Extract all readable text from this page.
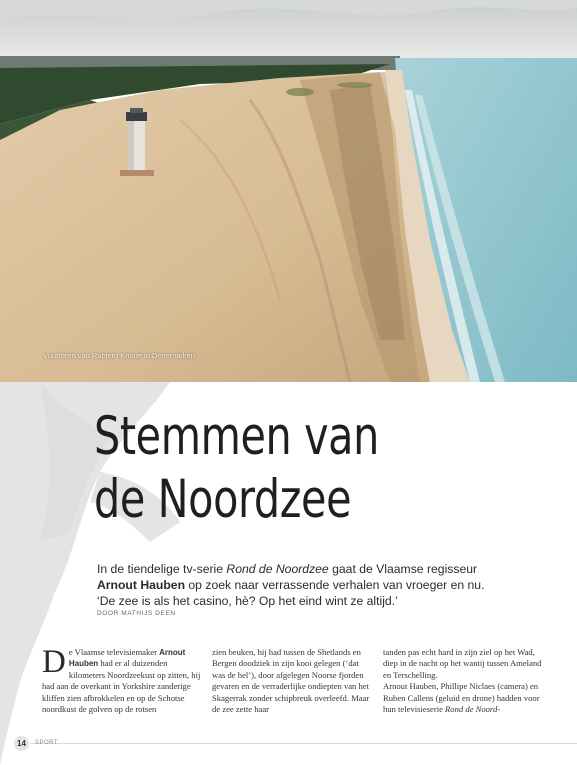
Vuurtoren van Rubjerg Knude in Denemarken
Stemmen van
de Noordzee

In de tiendelige tv-serie Rond de Noordzee gaat de Vlaamse regisseur Arnout Hauben op zoek naar verrassende verhalen van vroeger en nu. ‘De zee is als het casino, hè? Op het eind wint ze altijd.’

DOOR MATHIJS DEEN

De Vlaamse televisiemaker Arnout Hauben had er al duizenden kilometers Noordzeekust op zitten, hij had aan de overkant in Yorkshire zanderige kliffen zien afbrokkelen en op de Schotse noordkust de golven op de rotsen

zien beuken, hij had tussen de Shetlands en Bergen doodziek in zijn kooi gelegen (‘dat was de hel’), door afgelegen Noorse fjorden gevaren en de verraderlijke ondiepten van het Skagerrak zonder schipbreuk overleefd. Maar de zee zette haar

tanden pas echt hard in zijn ziel op het Wad, diep in de nacht op het wantij tussen Ameland en Terschelling.

Arnout Hauben, Phillipe Niclaes (camera) en Ruben Callens (geluid en drone) hadden voor hun televisieserie Rond de Noord-

14	SPORT
